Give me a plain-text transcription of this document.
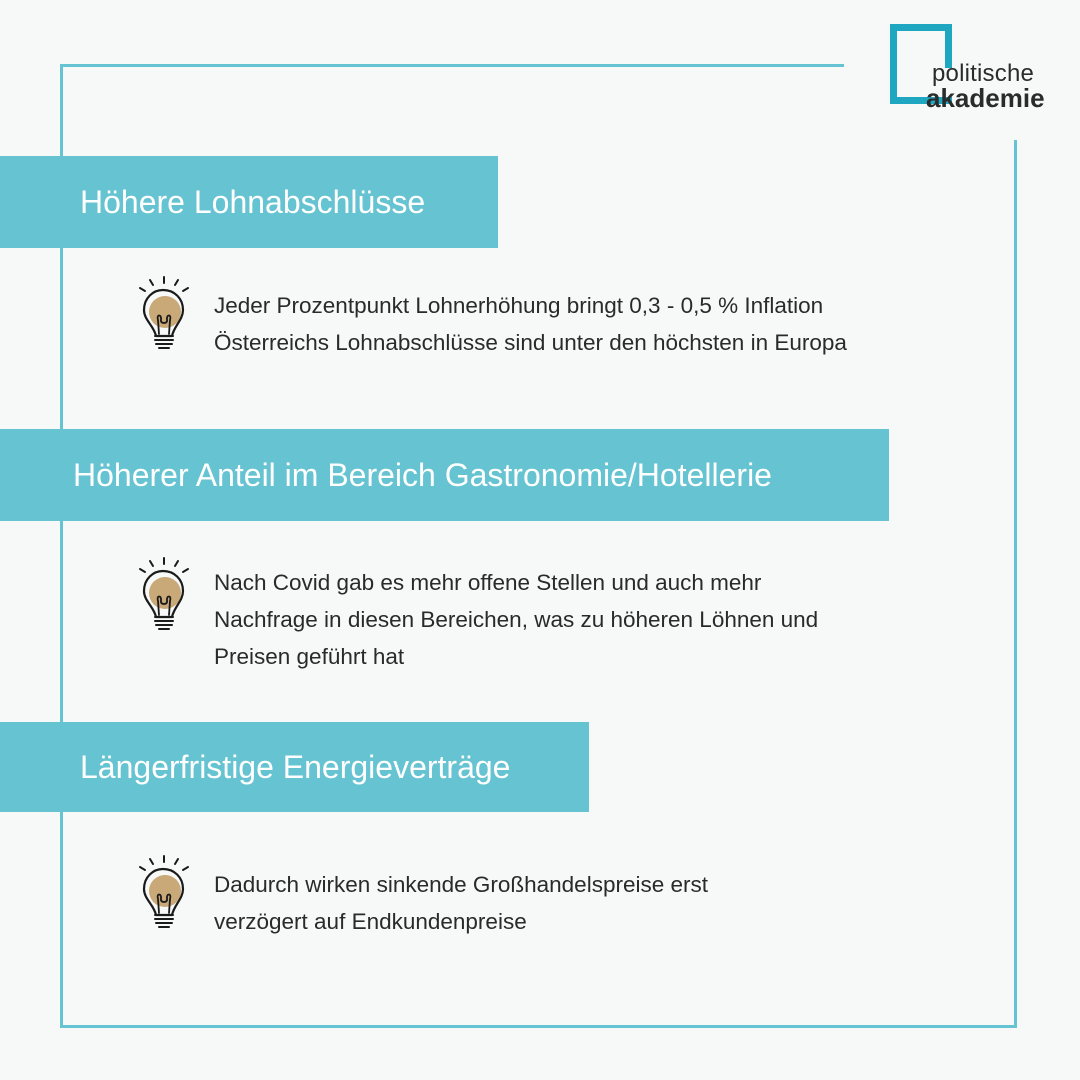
politische
akademie
Höhere Lohnabschlüsse
Jeder Prozentpunkt Lohnerhöhung bringt 0,3 - 0,5 % Inflation
Österreichs Lohnabschlüsse sind unter den höchsten in Europa
Höherer Anteil im Bereich Gastronomie/Hotellerie
Nach Covid gab es mehr offene Stellen und auch mehr
Nachfrage in diesen Bereichen, was zu höheren Löhnen und
Preisen geführt hat
Längerfristige Energieverträge
Dadurch wirken sinkende Großhandelspreise erst
verzögert auf Endkundenpreise
